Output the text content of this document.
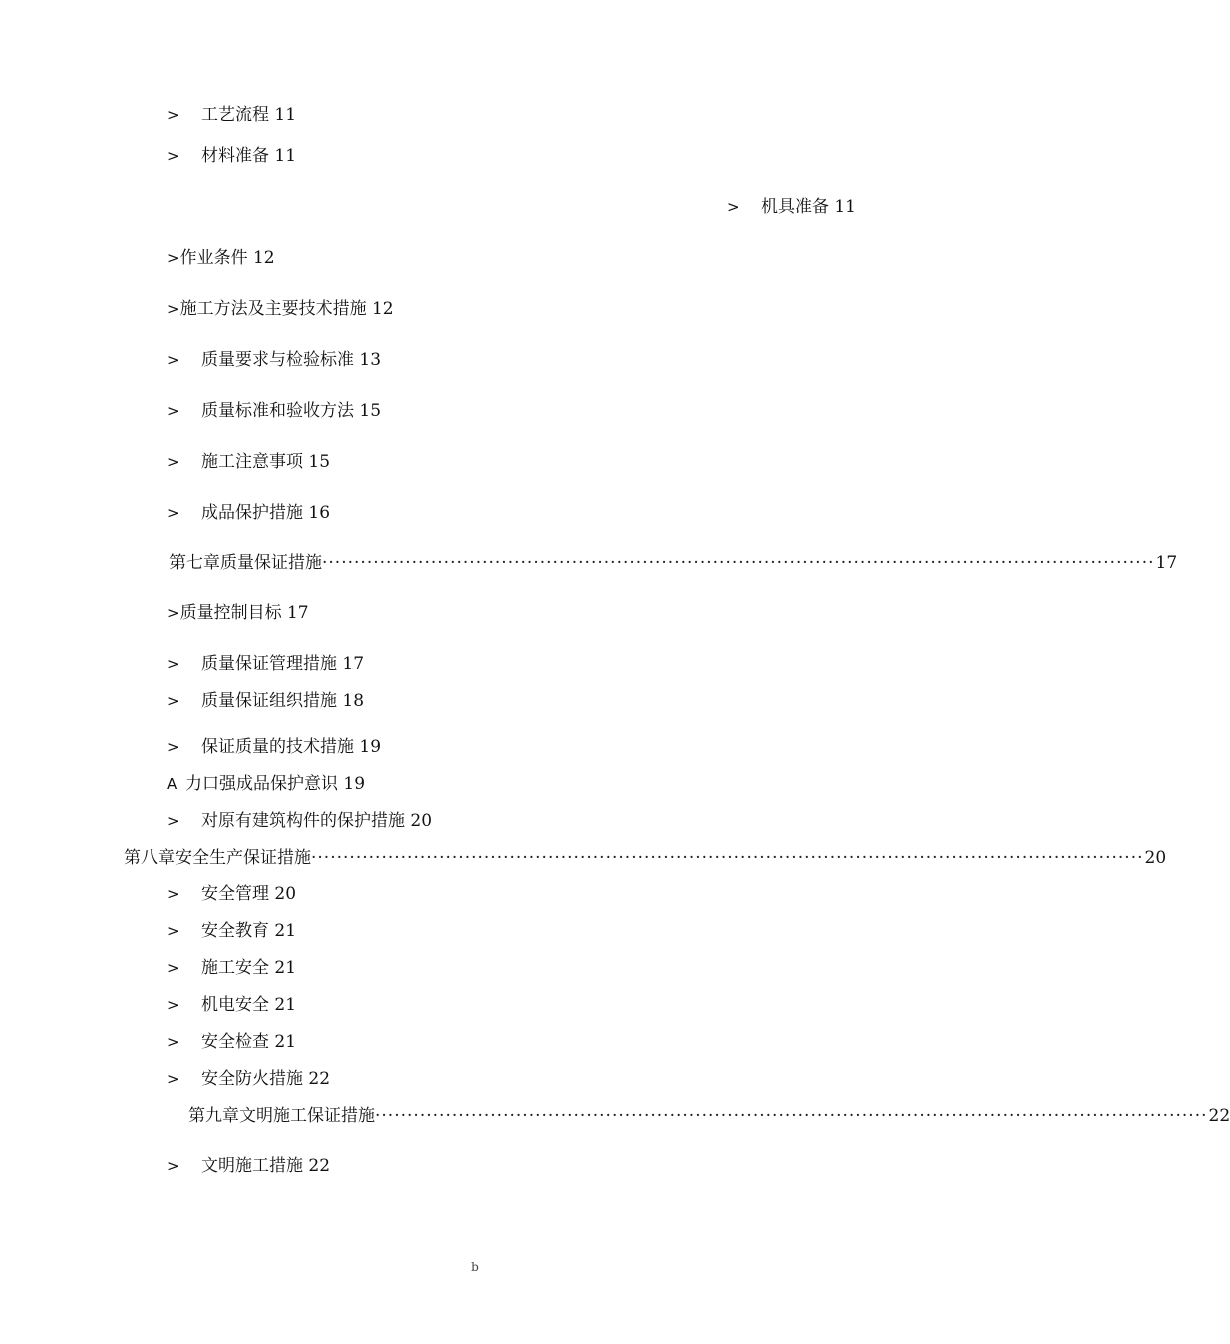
> 工艺流程 11
> 材料准备 11
> 机具准备 11
>作业条件 12
>施工方法及主要技术措施 12
> 质量要求与检验标准 13
> 质量标准和验收方法 15
> 施工注意事项 15
> 成品保护措施 16
第七章质量保证措施 ·································································································································· 17
>质量控制目标 17
> 质量保证管理措施 17
> 质量保证组织措施 18
> 保证质量的技术措施 19
A 力口强成品保护意识 19
> 对原有建筑构件的保护措施 20
第八章安全生产保证措施 ·································································································································· 20
> 安全管理 20
> 安全教育 21
> 施工安全 21
> 机电安全 21
> 安全检查 21
> 安全防火措施 22
第九章文明施工保证措施 ·································································································································· 22
> 文明施工措施 22
b
